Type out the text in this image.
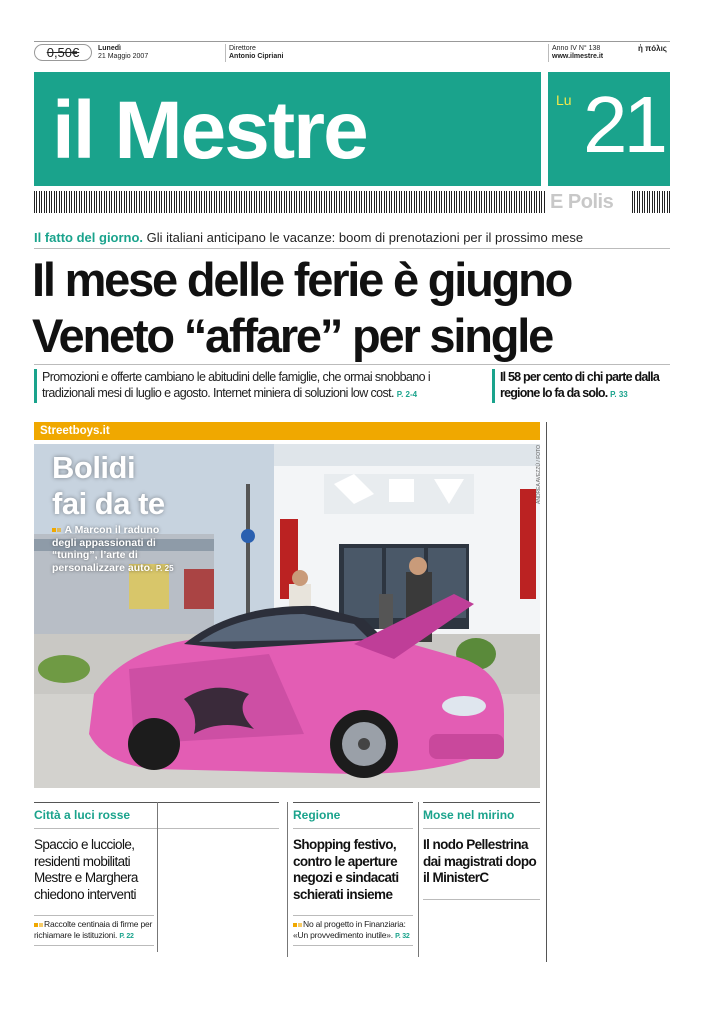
0,50€	Lunedì
21 Maggio 2007
Direttore
Antonio Cipriani
Anno IV N° 138
www.ilmestre.it
ἡ πόλις
il Mestre	Lu 21
E Polis
Il fatto del giorno. Gli italiani anticipano le vacanze: boom di prenotazioni per il prossimo mese
Il mese delle ferie è giugno
Veneto “affare” per single
Promozioni e offerte cambiano le abitudini delle famiglie, che ormai snobbano i tradizionali mesi di luglio e agosto. Internet miniera di soluzioni low cost. P. 2-4
Il 58 per cento di chi parte dalla regione lo fa da solo. P. 33
Streetboys.it
Bolidi
fai da te
A Marcon il raduno degli appassionati di “tuning”, l’arte di personalizzare auto. P. 25
ANDREA AVEZZÙ / FOTO
Città a luci rosse
Spaccio e lucciole, residenti mobilitati Mestre e Marghera chiedono interventi
Raccolte centinaia di firme per richiamare le istituzioni. P. 22
Regione
Shopping festivo, contro le aperture negozi e sindacati schierati insieme
No al progetto in Finanziaria: «Un provvedimento inutile». P. 32
Mose nel mirino
Il nodo Pellestrina dai magistrati dopo il MinisterC
